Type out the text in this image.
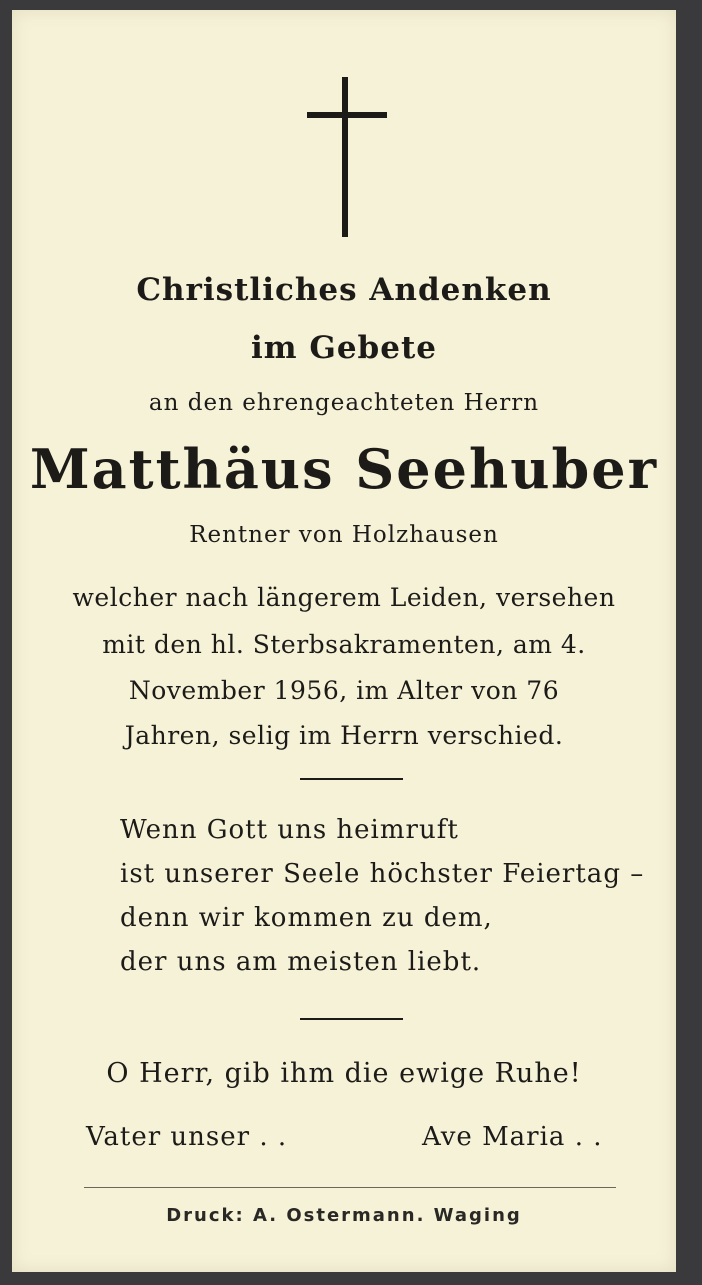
Christliches Andenken
im Gebete
an den ehrengeachteten Herrn
Matthäus Seehuber
Rentner von Holzhausen
welcher nach längerem Leiden, versehen
mit den hl. Sterbsakramenten, am 4.
November 1956, im Alter von 76
Jahren, selig im Herrn verschied.
Wenn Gott uns heimruft
ist unserer Seele höchster Feiertag –
denn wir kommen zu dem,
der uns am meisten liebt.
O Herr, gib ihm die ewige Ruhe!
Vater unser . .	Ave Maria . .
Druck: A. Ostermann. Waging
